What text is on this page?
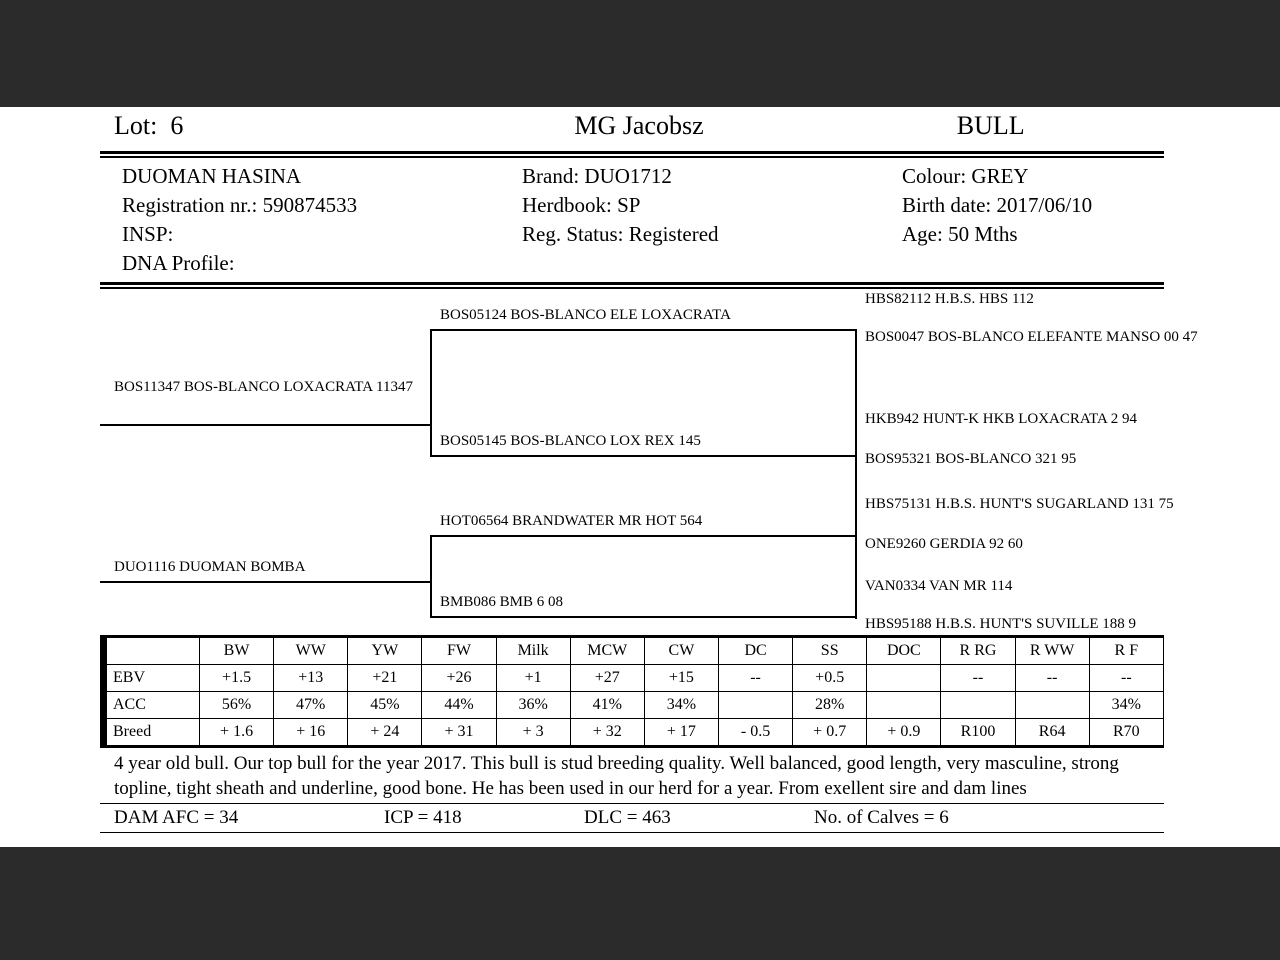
Lot:  6	MG Jacobsz	BULL
DUOMAN HASINA	Brand: DUO1712	Colour: GREY
Registration nr.: 590874533	Herdbook: SP	Birth date: 2017/06/10
INSP:	Reg. Status: Registered	Age: 50 Mths
DNA Profile:
BOS11347 BOS-BLANCO LOXACRATA 11347
DUO1116 DUOMAN BOMBA
BOS05124 BOS-BLANCO ELE LOXACRATA
BOS05145 BOS-BLANCO LOX REX 145
HOT06564 BRANDWATER MR HOT 564
BMB086 BMB 6 08
HBS82112 H.B.S. HBS 112
BOS0047 BOS-BLANCO ELEFANTE MANSO 00 47
HKB942 HUNT-K HKB LOXACRATA 2 94
BOS95321 BOS-BLANCO 321 95
HBS75131 H.B.S. HUNT'S SUGARLAND 131 75
ONE9260 GERDIA 92 60
VAN0334 VAN MR 114
HBS95188 H.B.S. HUNT'S SUVILLE 188 9
	BW	WW	YW	FW	Milk	MCW	CW	DC	SS	DOC	R RG	R WW	R F
EBV	+1.5	+13	+21	+26	+1	+27	+15	--	+0.5		--	--	--
ACC	56%	47%	45%	44%	36%	41%	34%		28%				34%
Breed	+ 1.6	+ 16	+ 24	+ 31	+ 3	+ 32	+ 17	- 0.5	+ 0.7	+ 0.9	R100	R64	R70
4 year old bull. Our top bull for the year 2017. This bull is stud breeding quality. Well balanced, good length, very masculine, strong topline, tight sheath and underline, good bone. He has been used in our herd for a year. From exellent sire and dam lines
DAM AFC = 34	ICP = 418	DLC = 463	No. of Calves = 6
